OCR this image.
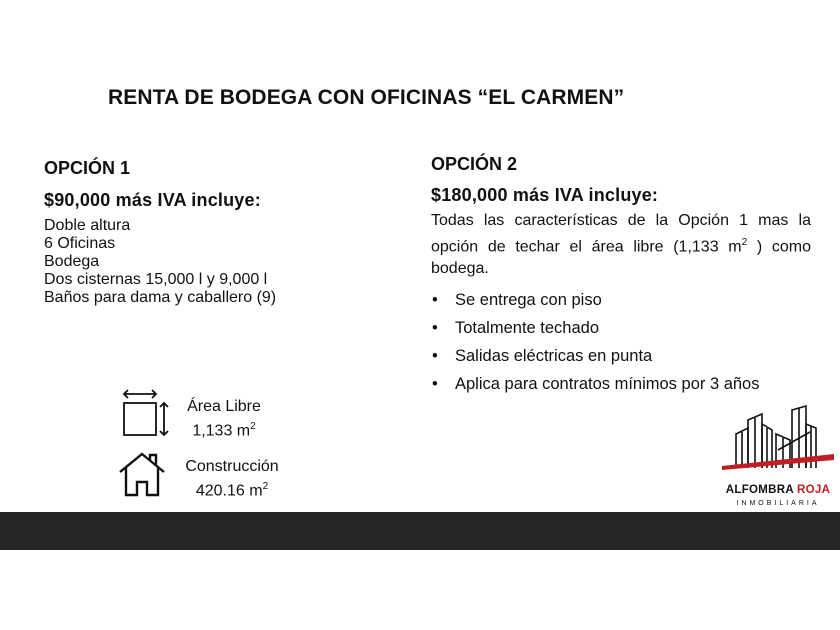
RENTA DE BODEGA CON OFICINAS “EL CARMEN”
OPCIÓN 1
$90,000 más IVA incluye:
Doble altura
6 Oficinas
Bodega
Dos cisternas 15,000 l y 9,000 l
Baños para dama y caballero (9)
OPCIÓN 2
$180,000 más IVA incluye:

Todas las características de la Opción 1 mas la opción de techar el área libre (1,133 $m^2$ ) como bodega.

• Se entrega con piso
• Totalmente techado
• Salidas eléctricas en punta
• Aplica para contratos mínimos por 3 años
Área Libre
1,133 $m^2$
Construcción
420.16 $m^2$	ALFOMBRA ROJA
INMOBILIARIA
